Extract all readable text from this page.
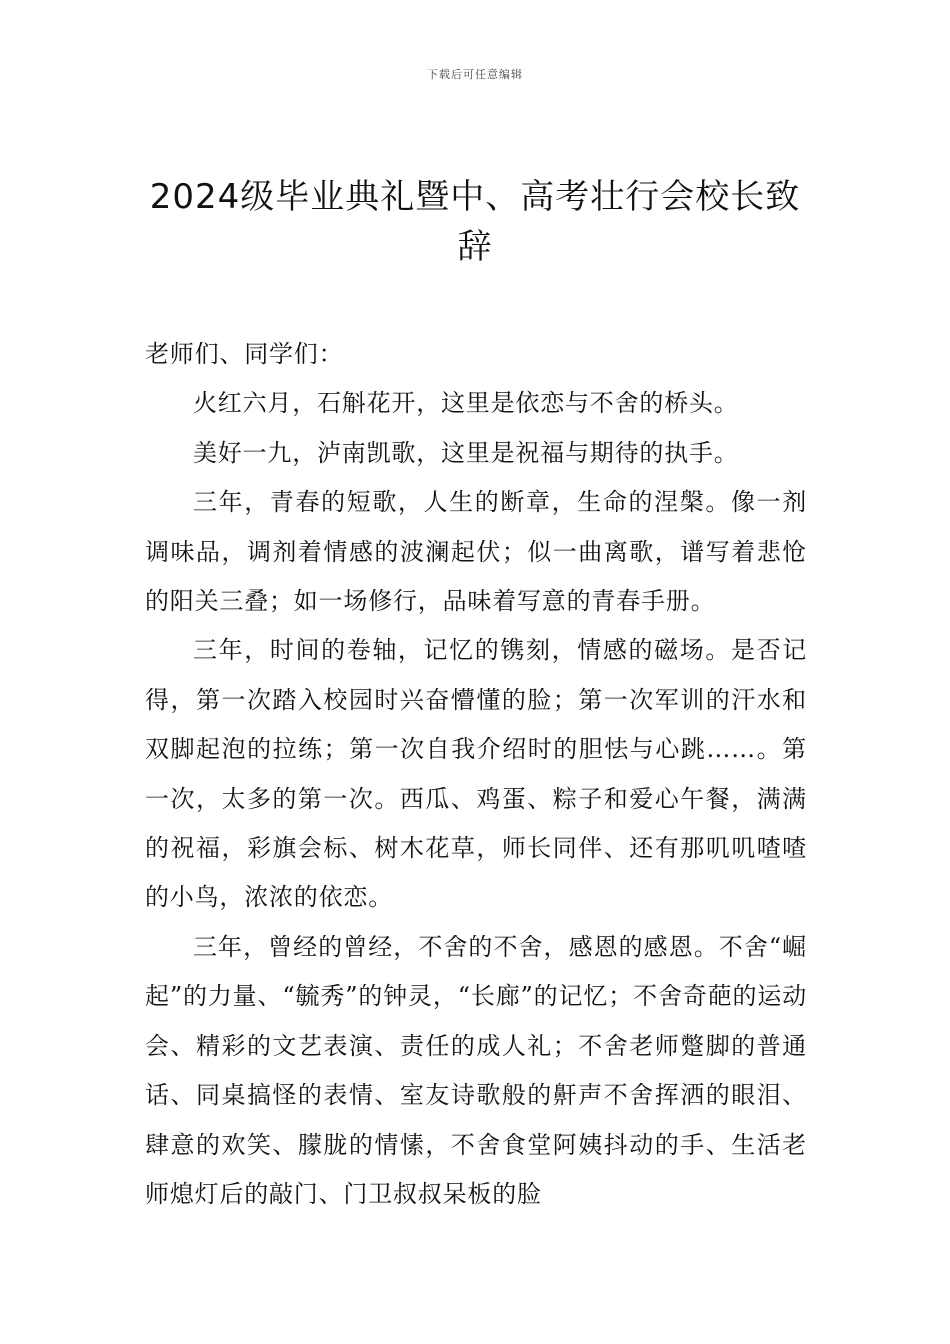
下载后可任意编辑
2024级毕业典礼暨中、高考壮行会校长致辞

老师们、同学们：

火红六月，石斛花开，这里是依恋与不舍的桥头。

美好一九，泸南凯歌，这里是祝福与期待的执手。

三年，青春的短歌，人生的断章，生命的涅槃。像一剂调味品，调剂着情感的波澜起伏；似一曲离歌，谱写着悲怆的阳关三叠；如一场修行，品味着写意的青春手册。

三年，时间的卷轴，记忆的镌刻，情感的磁场。是否记得，第一次踏入校园时兴奋懵懂的脸；第一次军训的汗水和双脚起泡的拉练；第一次自我介绍时的胆怯与心跳……。第一次，太多的第一次。西瓜、鸡蛋、粽子和爱心午餐，满满的祝福，彩旗会标、树木花草，师长同伴、还有那叽叽喳喳的小鸟，浓浓的依恋。

三年，曾经的曾经，不舍的不舍，感恩的感恩。不舍“崛起”的力量、“毓秀”的钟灵，“长廊”的记忆；不舍奇葩的运动会、精彩的文艺表演、责任的成人礼；不舍老师蹩脚的普通话、同桌搞怪的表情、室友诗歌般的鼾声不舍挥洒的眼泪、肆意的欢笑、朦胧的情愫，不舍食堂阿姨抖动的手、生活老师熄灯后的敲门、门卫叔叔呆板的脸
